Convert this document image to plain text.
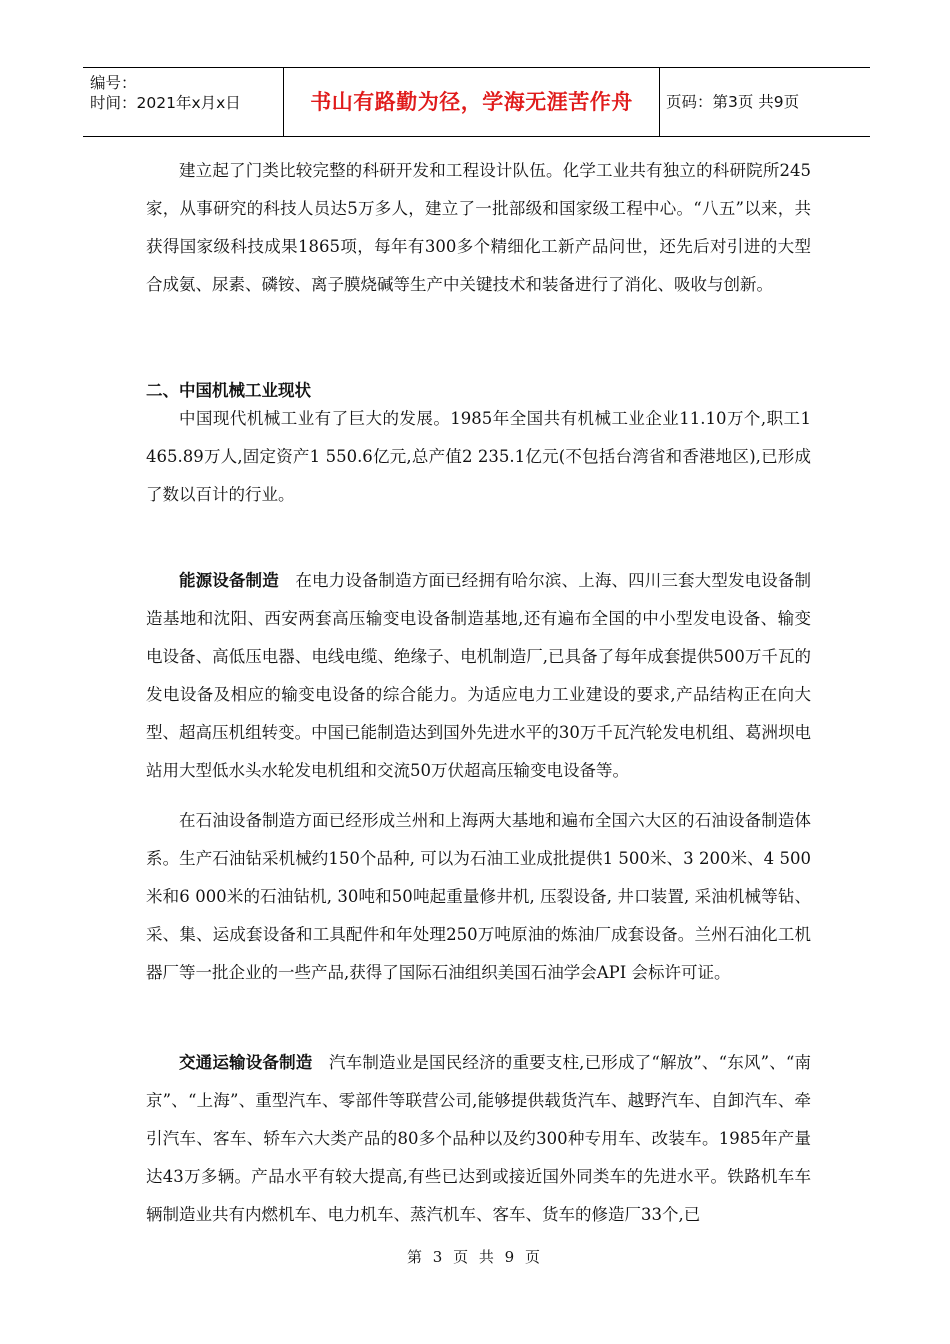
编号：
时间：2021年x月x日	书山有路勤为径，学海无涯苦作舟	页码：第3页 共9页

建立起了门类比较完整的科研开发和工程设计队伍。化学工业共有独立的科研院所245家，从事研究的科技人员达5万多人，建立了一批部级和国家级工程中心。“八五”以来，共获得国家级科技成果1865项，每年有300多个精细化工新产品问世，还先后对引进的大型合成氨、尿素、磷铵、离子膜烧碱等生产中关键技术和装备进行了消化、吸收与创新。

二、中国机械工业现状

中国现代机械工业有了巨大的发展。1985年全国共有机械工业企业11.10万个,职工1 465.89万人,固定资产1 550.6亿元,总产值2 235.1亿元(不包括台湾省和香港地区),已形成了数以百计的行业。

能源设备制造 在电力设备制造方面已经拥有哈尔滨、上海、四川三套大型发电设备制造基地和沈阳、西安两套高压输变电设备制造基地,还有遍布全国的中小型发电设备、输变电设备、高低压电器、电线电缆、绝缘子、电机制造厂,已具备了每年成套提供500万千瓦的发电设备及相应的输变电设备的综合能力。为适应电力工业建设的要求,产品结构正在向大型、超高压机组转变。中国已能制造达到国外先进水平的30万千瓦汽轮发电机组、葛洲坝电站用大型低水头水轮发电机组和交流50万伏超高压输变电设备等。

在石油设备制造方面已经形成兰州和上海两大基地和遍布全国六大区的石油设备制造体系。生产石油钻采机械约150个品种, 可以为石油工业成批提供1 500米、3 200米、4 500米和6 000米的石油钻机, 30吨和50吨起重量修井机, 压裂设备, 井口装置, 采油机械等钻、采、集、运成套设备和工具配件和年处理250万吨原油的炼油厂成套设备。兰州石油化工机器厂等一批企业的一些产品,获得了国际石油组织美国石油学会API 会标许可证。

交通运输设备制造 汽车制造业是国民经济的重要支柱,已形成了“解放”、“东风”、“南京”、“上海”、重型汽车、零部件等联营公司,能够提供载货汽车、越野汽车、自卸汽车、牵引汽车、客车、轿车六大类产品的80多个品种以及约300种专用车、改装车。1985年产量达43万多辆。产品水平有较大提高,有些已达到或接近国外同类车的先进水平。铁路机车车辆制造业共有内燃机车、电力机车、蒸汽机车、客车、货车的修造厂33个,已

第 3 页 共 9 页
